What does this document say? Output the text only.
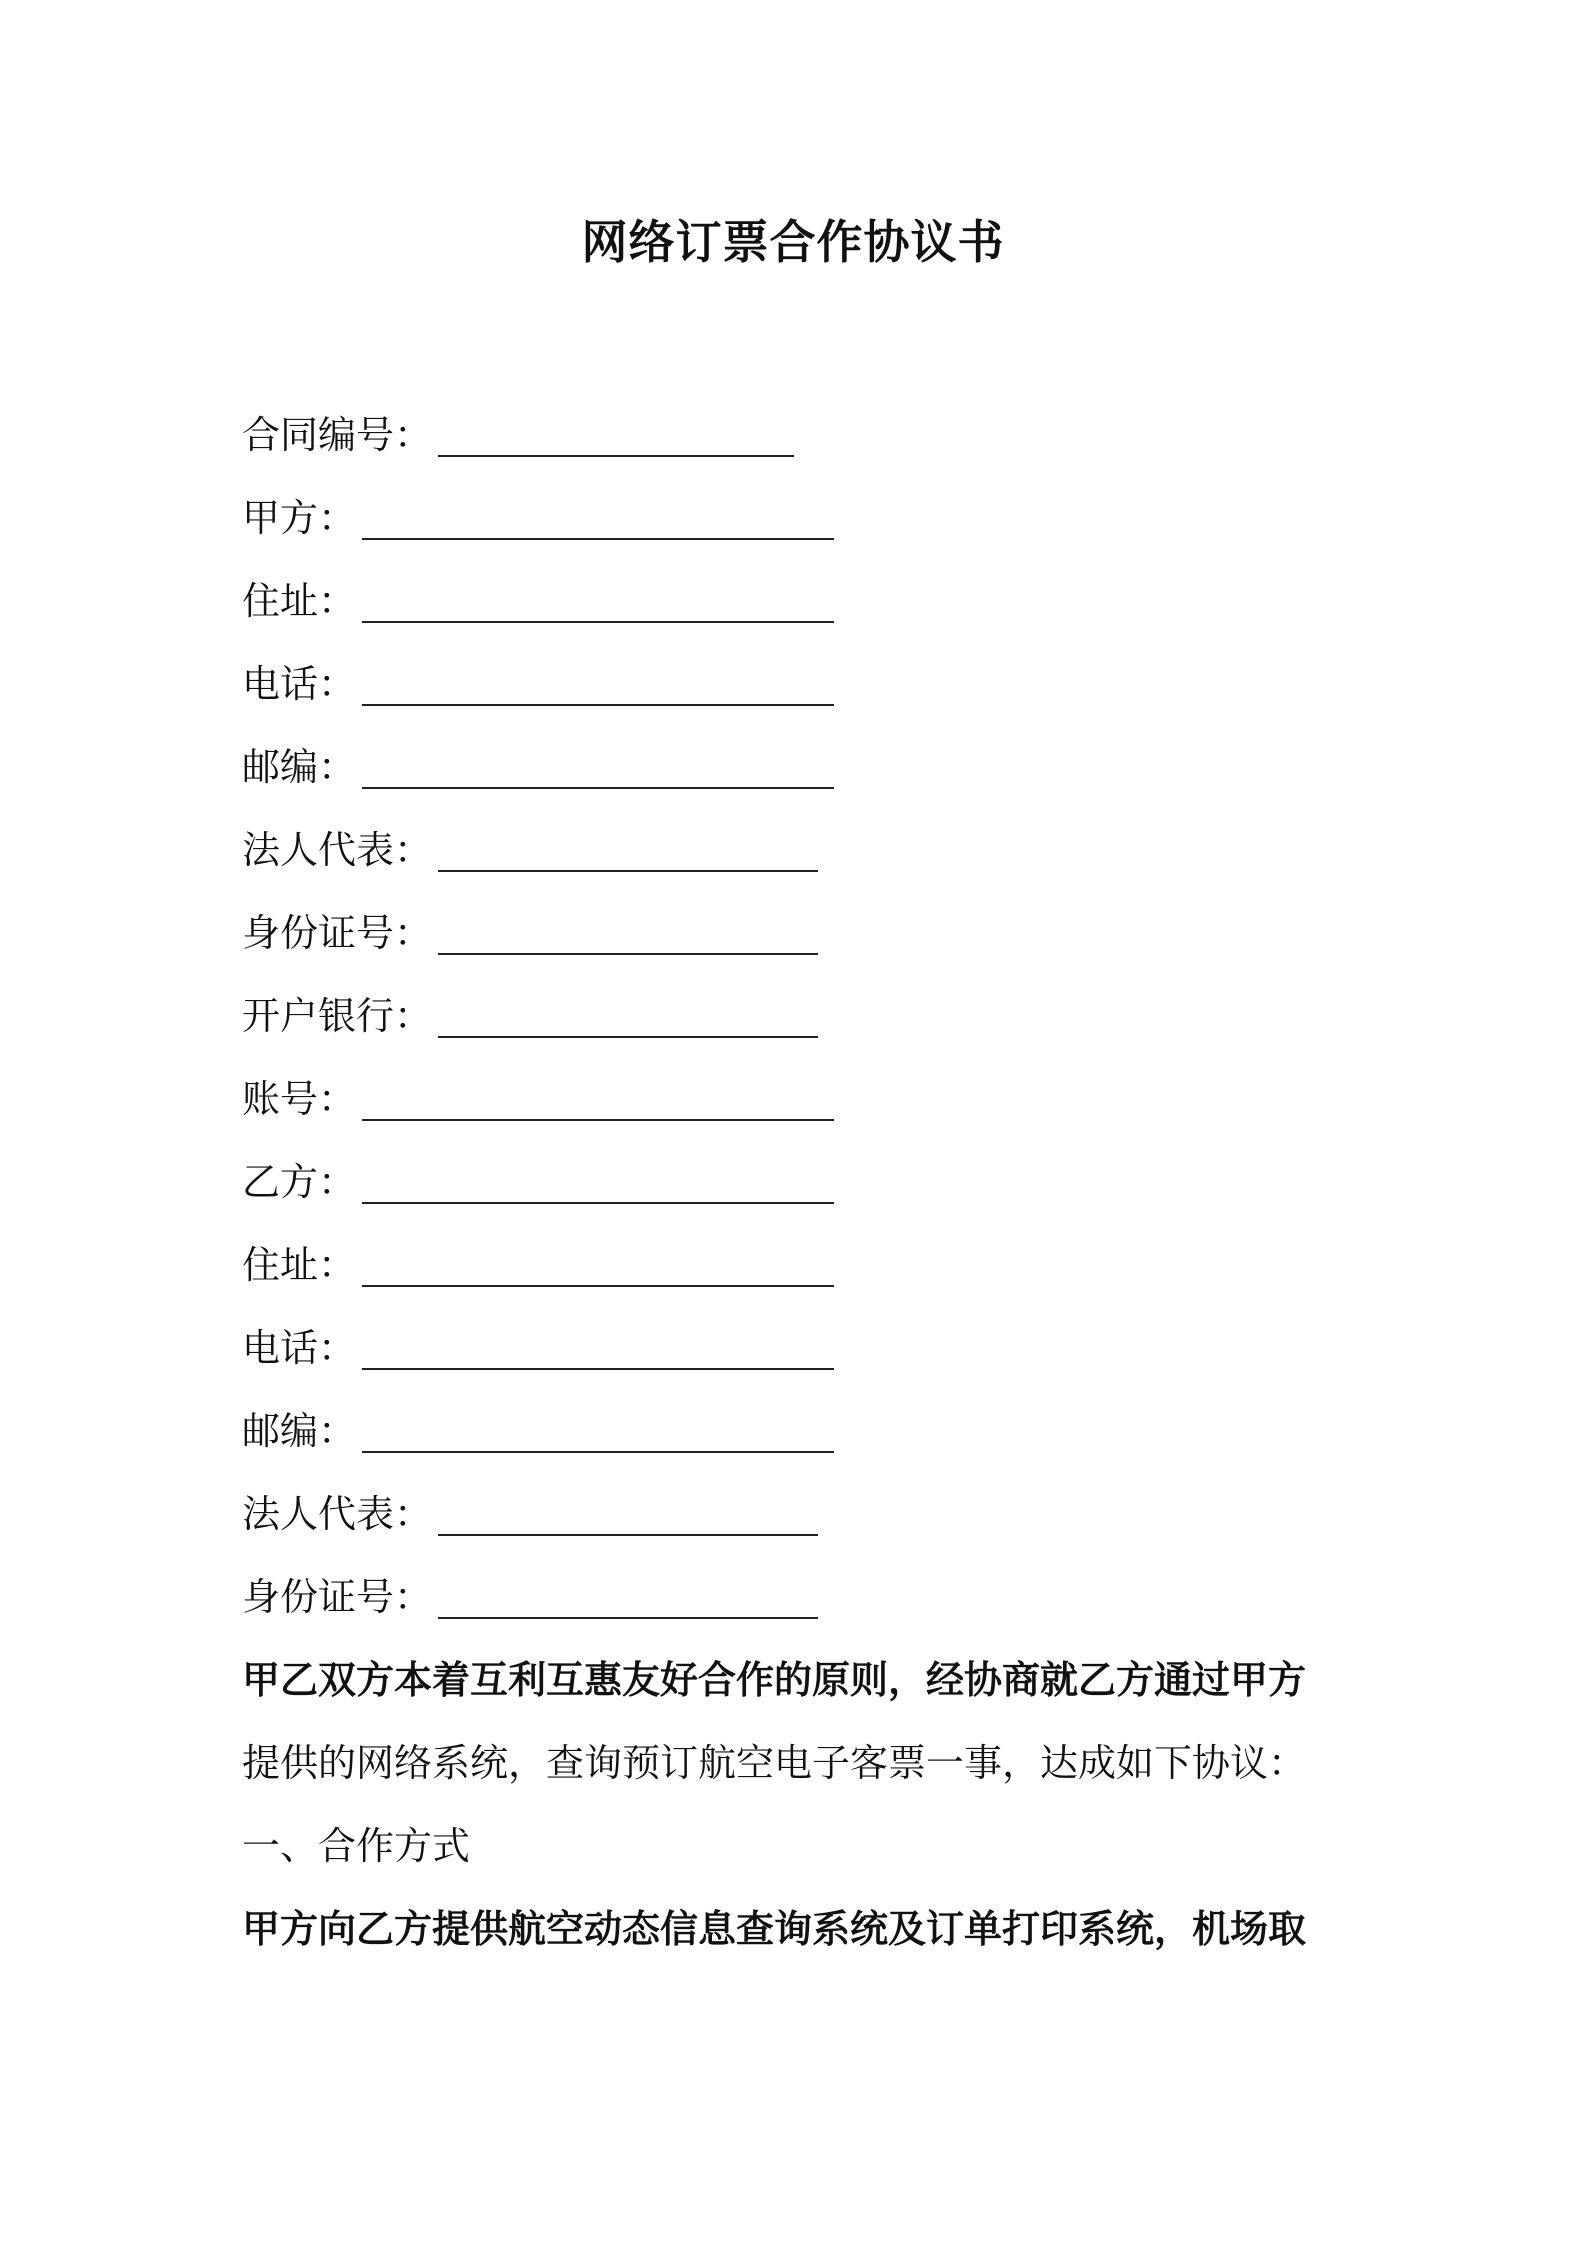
网络订票合作协议书
合同编号：
甲方：
住址：
电话：
邮编：
法人代表：
身份证号：
开户银行：
账号：
乙方：
住址：
电话：
邮编：
法人代表：
身份证号：
甲乙双方本着互利互惠友好合作的原则，经协商就乙方通过甲方
提供的网络系统，查询预订航空电子客票一事，达成如下协议：
一、合作方式
甲方向乙方提供航空动态信息查询系统及订单打印系统，机场取
